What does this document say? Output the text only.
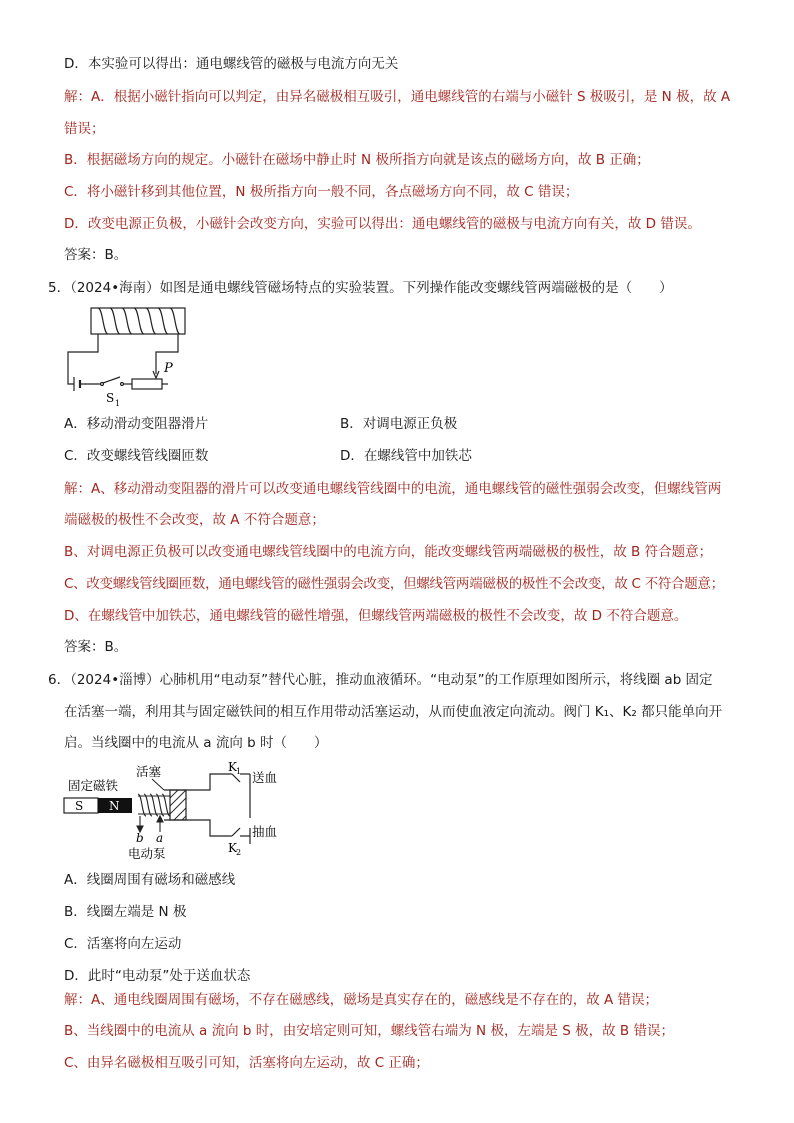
D．本实验可以得出：通电螺线管的磁极与电流方向无关
解：A．根据小磁针指向可以判定，由异名磁极相互吸引，通电螺线管的右端与小磁针 S 极吸引，是 N 极，故 A
错误；
B．根据磁场方向的规定。小磁针在磁场中静止时 N 极所指方向就是该点的磁场方向，故 B 正确；
C．将小磁针移到其他位置，N 极所指方向一般不同，各点磁场方向不同，故 C 错误；
D．改变电源正负极，小磁针会改变方向，实验可以得出：通电螺线管的磁极与电流方向有关，故 D 错误。
答案：B。
5．（2024•海南）如图是通电螺线管磁场特点的实验装置。下列操作能改变螺线管两端磁极的是（　　）
P
S 1
A．移动滑动变阻器滑片	B．对调电源正负极
C．改变螺线管线圈匝数	D．在螺线管中加铁芯
解：A、移动滑动变阻器的滑片可以改变通电螺线管线圈中的电流，通电螺线管的磁性强弱会改变，但螺线管两
端磁极的极性不会改变，故 A 不符合题意；
B、对调电源正负极可以改变通电螺线管线圈中的电流方向，能改变螺线管两端磁极的极性，故 B 符合题意；
C、改变螺线管线圈匝数，通电螺线管的磁性强弱会改变，但螺线管两端磁极的极性不会改变，故 C 不符合题意；
D、在螺线管中加铁芯，通电螺线管的磁性增强，但螺线管两端磁极的极性不会改变，故 D 不符合题意。
答案：B。
6．（2024•淄博）心肺机用“电动泵”替代心脏，推动血液循环。“电动泵”的工作原理如图所示，将线圈 ab 固定
在活塞一端，利用其与固定磁铁间的相互作用带动活塞运动，从而使血液定向流动。阀门 K₁、K₂ 都只能单向开
启。当线圈中的电流从 a 流向 b 时（　　）
固定磁铁
活塞
S N
K 1 送血
K 2
抽血
b a
电动泵
A．线圈周围有磁场和磁感线
B．线圈左端是 N 极
C．活塞将向左运动
D．此时“电动泵”处于送血状态
解：A、通电线圈周围有磁场，不存在磁感线，磁场是真实存在的，磁感线是不存在的，故 A 错误；
B、当线圈中的电流从 a 流向 b 时，由安培定则可知，螺线管右端为 N 极，左端是 S 极，故 B 错误；
C、由异名磁极相互吸引可知，活塞将向左运动，故 C 正确；
